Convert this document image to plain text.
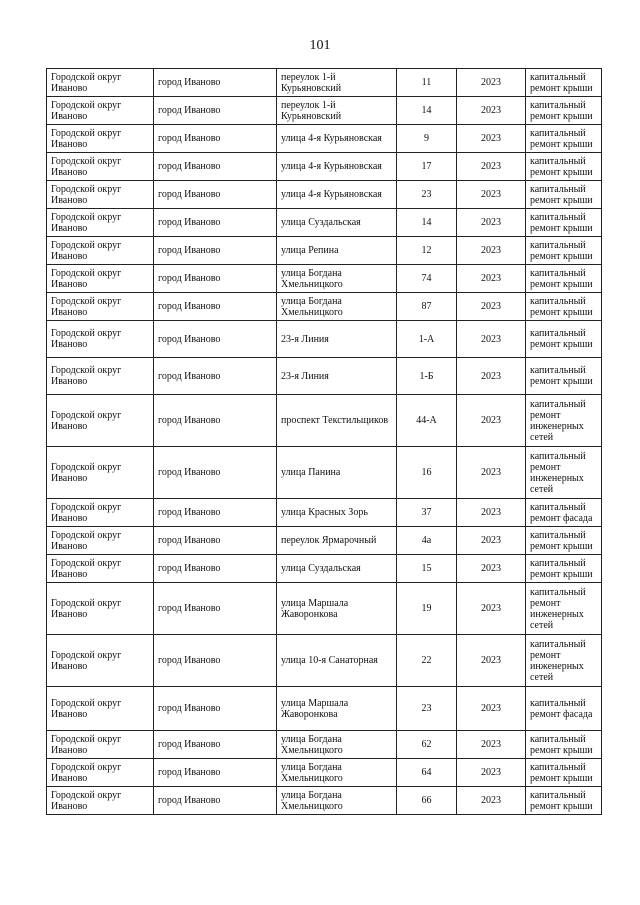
101
Городской округ Иваново	город Иваново	переулок 1-й Курьяновский	11	2023	капитальный ремонт крыши
Городской округ Иваново	город Иваново	переулок 1-й Курьяновский	14	2023	капитальный ремонт крыши
Городской округ Иваново	город Иваново	улица 4-я Курьяновская	9	2023	капитальный ремонт крыши
Городской округ Иваново	город Иваново	улица 4-я Курьяновская	17	2023	капитальный ремонт крыши
Городской округ Иваново	город Иваново	улица 4-я Курьяновская	23	2023	капитальный ремонт крыши
Городской округ Иваново	город Иваново	улица Суздальская	14	2023	капитальный ремонт крыши
Городской округ Иваново	город Иваново	улица Репина	12	2023	капитальный ремонт крыши
Городской округ Иваново	город Иваново	улица Богдана Хмельницкого	74	2023	капитальный ремонт крыши
Городской округ Иваново	город Иваново	улица Богдана Хмельницкого	87	2023	капитальный ремонт крыши
Городской округ Иваново	город Иваново	23-я Линия	1-А	2023	капитальный ремонт крыши
Городской округ Иваново	город Иваново	23-я Линия	1-Б	2023	капитальный ремонт крыши
Городской округ Иваново	город Иваново	проспект Текстильщиков	44-А	2023	капитальный ремонт инженерных сетей
Городской округ Иваново	город Иваново	улица Панина	16	2023	капитальный ремонт инженерных сетей
Городской округ Иваново	город Иваново	улица Красных Зорь	37	2023	капитальный ремонт фасада
Городской округ Иваново	город Иваново	переулок Ярмарочный	4а	2023	капитальный ремонт крыши
Городской округ Иваново	город Иваново	улица Суздальская	15	2023	капитальный ремонт крыши
Городской округ Иваново	город Иваново	улица Маршала Жаворонкова	19	2023	капитальный ремонт инженерных сетей
Городской округ Иваново	город Иваново	улица 10-я Санаторная	22	2023	капитальный ремонт инженерных сетей
Городской округ Иваново	город Иваново	улица Маршала Жаворонкова	23	2023	капитальный ремонт фасада
Городской округ Иваново	город Иваново	улица Богдана Хмельницкого	62	2023	капитальный ремонт крыши
Городской округ Иваново	город Иваново	улица Богдана Хмельницкого	64	2023	капитальный ремонт крыши
Городской округ Иваново	город Иваново	улица Богдана Хмельницкого	66	2023	капитальный ремонт крыши
